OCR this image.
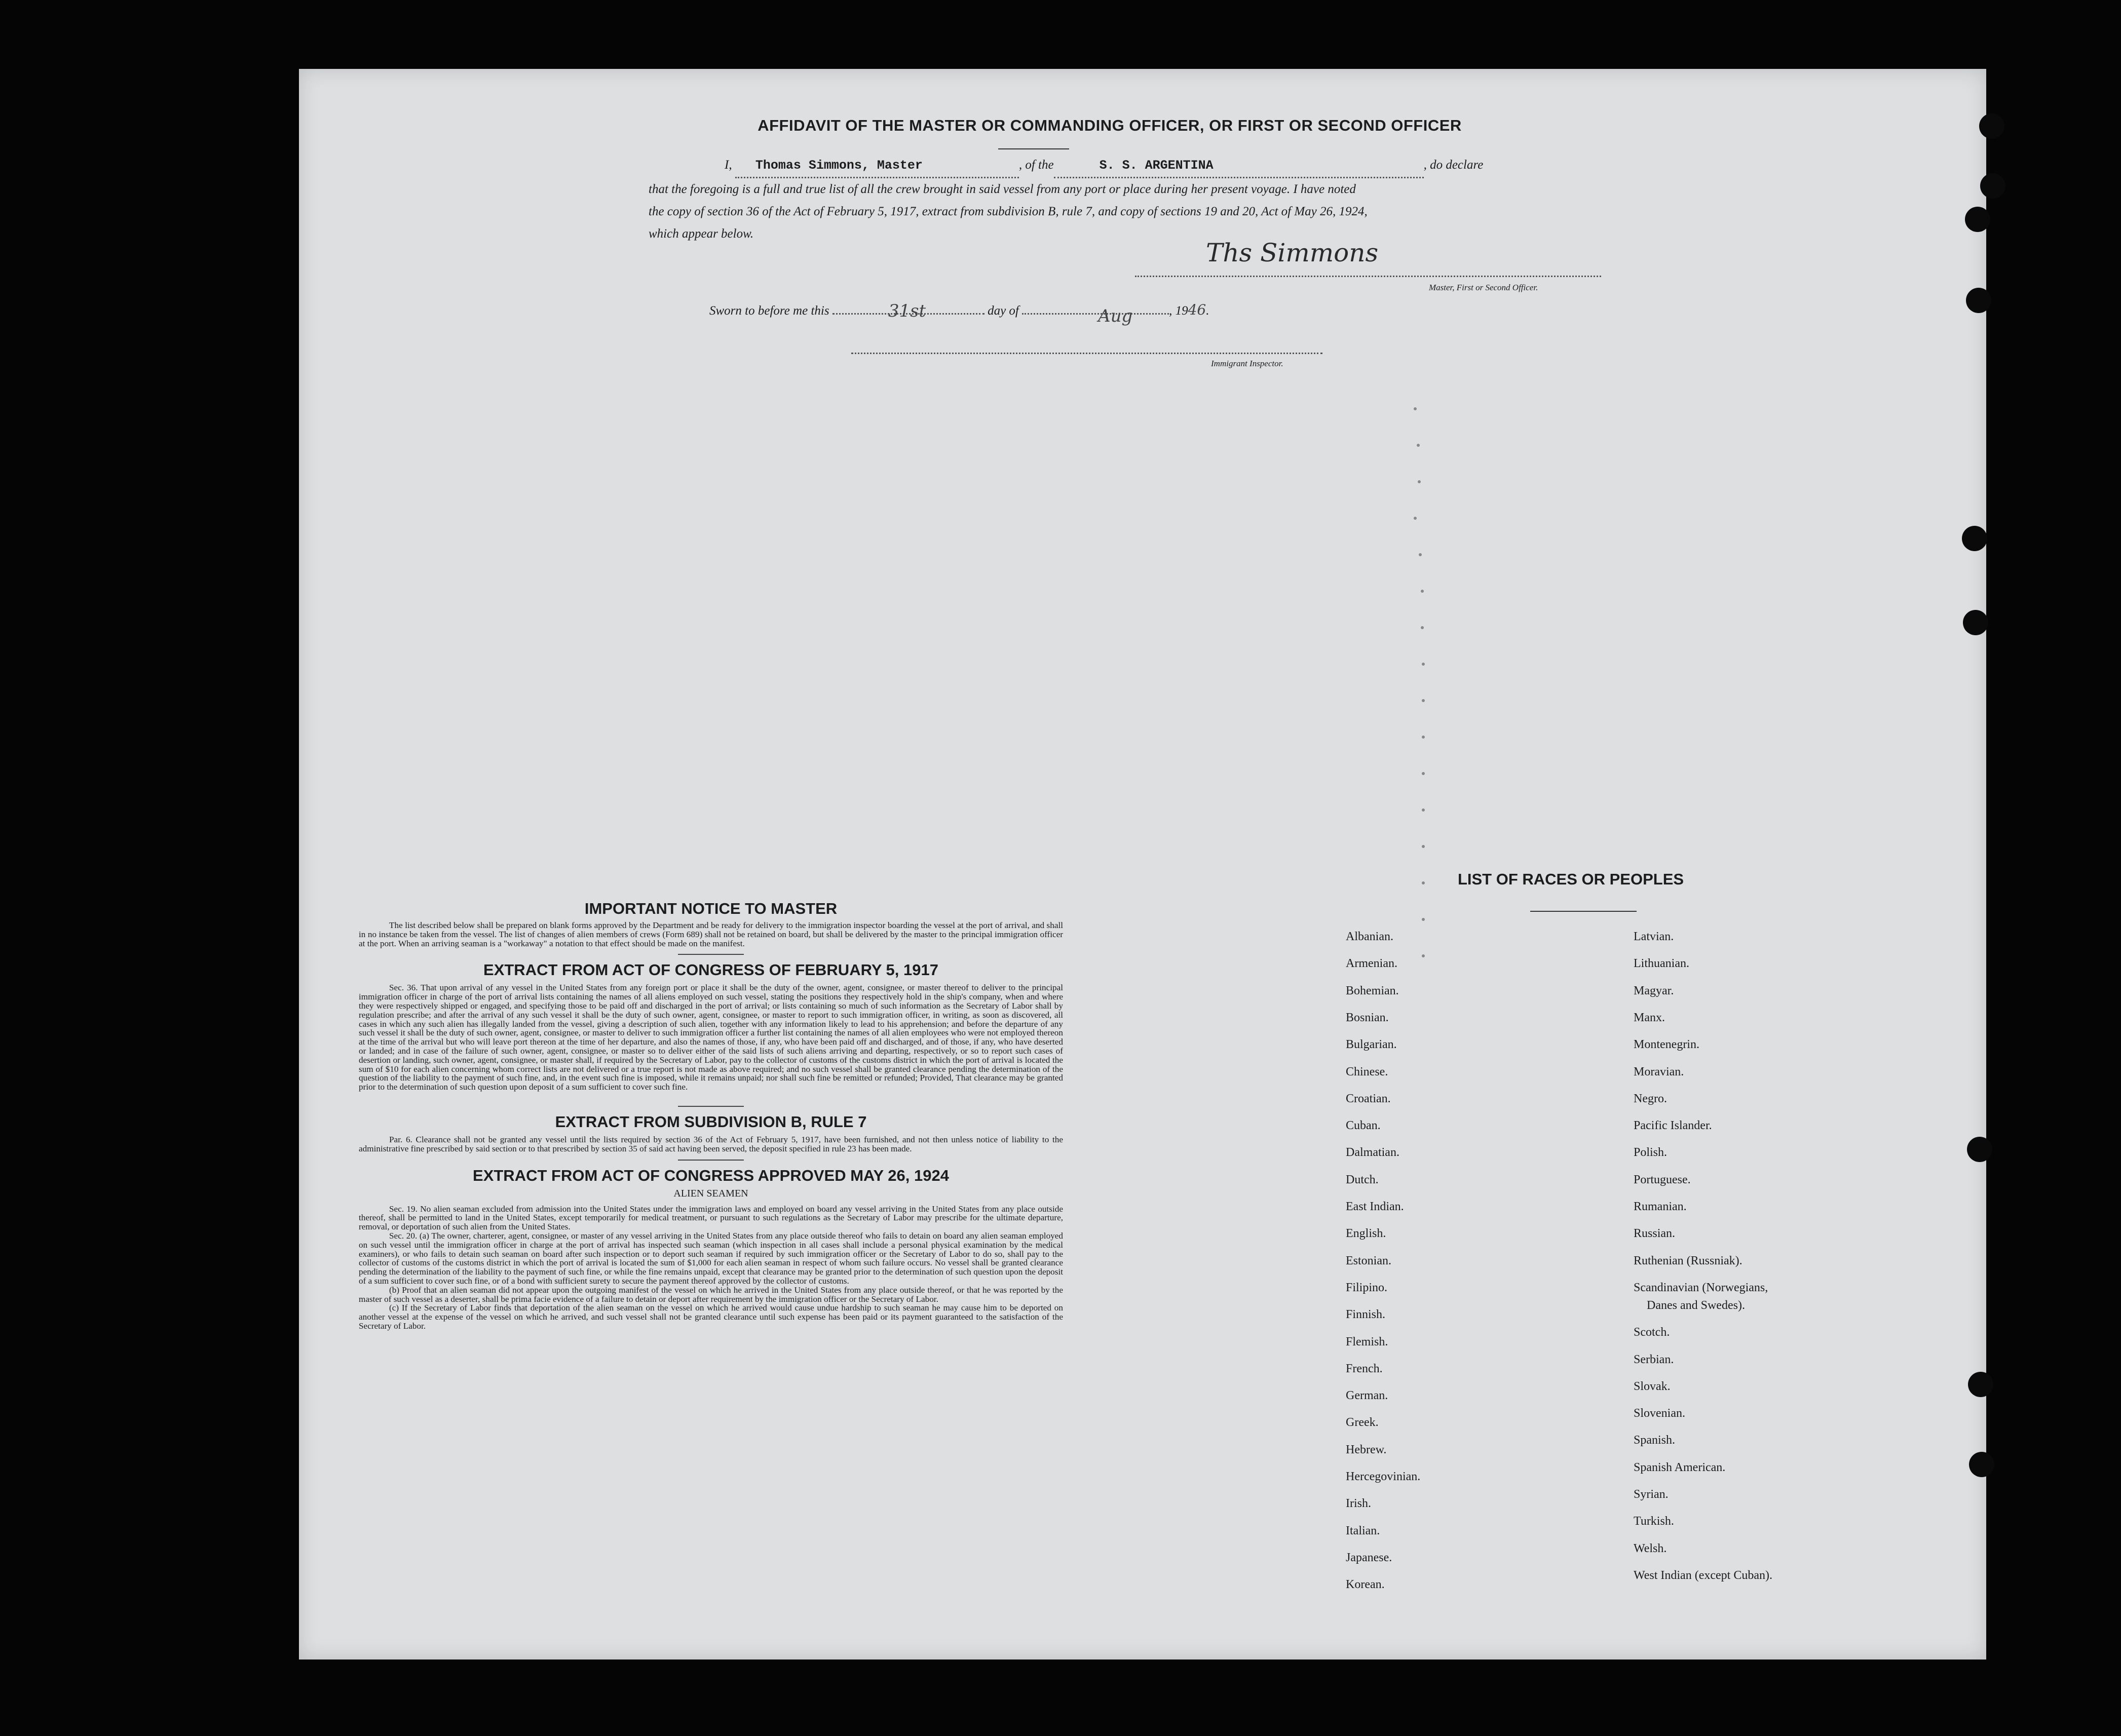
AFFIDAVIT OF THE MASTER OR COMMANDING OFFICER, OR FIRST OR SECOND OFFICER
I, Thomas Simmons, Master	, of the	S. S. ARGENTINA	, do declare
that the foregoing is a full and true list of all the crew brought in said vessel from any port or place during her present voyage. I have noted
the copy of section 36 of the Act of February 5, 1917, extract from subdivision B, rule 7, and copy of sections 19 and 20, Act of May 26, 1924,
which appear below.
Ths Simmons
Master, First or Second Officer.
Sworn to before me this	31st	day of	Aug	, 1946.
Immigrant Inspector.
IMPORTANT NOTICE TO MASTER
The list described below shall be prepared on blank forms approved by the Department and be ready for delivery to the immigration inspector boarding the vessel at the port of arrival, and shall in no instance be taken from the vessel. The list of changes of alien members of crews (Form 689) shall not be retained on board, but shall be delivered by the master to the principal immigration officer at the port. When an arriving seaman is a "workaway" a notation to that effect should be made on the manifest.
EXTRACT FROM ACT OF CONGRESS OF FEBRUARY 5, 1917
Sec. 36. That upon arrival of any vessel in the United States from any foreign port or place it shall be the duty of the owner, agent, consignee, or master thereof to deliver to the principal immigration officer in charge of the port of arrival lists containing the names of all aliens employed on such vessel, stating the positions they respectively hold in the ship's company, when and where they were respectively shipped or engaged, and specifying those to be paid off and discharged in the port of arrival; or lists containing so much of such information as the Secretary of Labor shall by regulation prescribe; and after the arrival of any such vessel it shall be the duty of such owner, agent, consignee, or master to report to such immigration officer, in writing, as soon as discovered, all cases in which any such alien has illegally landed from the vessel, giving a description of such alien, together with any information likely to lead to his apprehension; and before the departure of any such vessel it shall be the duty of such owner, agent, consignee, or master to deliver to such immigration officer a further list containing the names of all alien employees who were not employed thereon at the time of the arrival but who will leave port thereon at the time of her departure, and also the names of those, if any, who have been paid off and discharged, and of those, if any, who have deserted or landed; and in case of the failure of such owner, agent, consignee, or master so to deliver either of the said lists of such aliens arriving and departing, respectively, or so to report such cases of desertion or landing, such owner, agent, consignee, or master shall, if required by the Secretary of Labor, pay to the collector of customs of the customs district in which the port of arrival is located the sum of $10 for each alien concerning whom correct lists are not delivered or a true report is not made as above required; and no such vessel shall be granted clearance pending the determination of the question of the liability to the payment of such fine, and, in the event such fine is imposed, while it remains unpaid; nor shall such fine be remitted or refunded; Provided, That clearance may be granted prior to the determination of such question upon deposit of a sum sufficient to cover such fine.
EXTRACT FROM SUBDIVISION B, RULE 7
Par. 6. Clearance shall not be granted any vessel until the lists required by section 36 of the Act of February 5, 1917, have been furnished, and not then unless notice of liability to the administrative fine prescribed by said section or to that prescribed by section 35 of said act having been served, the deposit specified in rule 23 has been made.
EXTRACT FROM ACT OF CONGRESS APPROVED MAY 26, 1924
ALIEN SEAMEN

Sec. 19. No alien seaman excluded from admission into the United States under the immigration laws and employed on board any vessel arriving in the United States from any place outside thereof, shall be permitted to land in the United States, except temporarily for medical treatment, or pursuant to such regulations as the Secretary of Labor may prescribe for the ultimate departure, removal, or deportation of such alien from the United States.

Sec. 20. (a) The owner, charterer, agent, consignee, or master of any vessel arriving in the United States from any place outside thereof who fails to detain on board any alien seaman employed on such vessel until the immigration officer in charge at the port of arrival has inspected such seaman (which inspection in all cases shall include a personal physical examination by the medical examiners), or who fails to detain such seaman on board after such inspection or to deport such seaman if required by such immigration officer or the Secretary of Labor to do so, shall pay to the collector of customs of the customs district in which the port of arrival is located the sum of $1,000 for each alien seaman in respect of whom such failure occurs. No vessel shall be granted clearance pending the determination of the liability to the payment of such fine, or while the fine remains unpaid, except that clearance may be granted prior to the determination of such question upon the deposit of a sum sufficient to cover such fine, or of a bond with sufficient surety to secure the payment thereof approved by the collector of customs.

(b) Proof that an alien seaman did not appear upon the outgoing manifest of the vessel on which he arrived in the United States from any place outside thereof, or that he was reported by the master of such vessel as a deserter, shall be prima facie evidence of a failure to detain or deport after requirement by the immigration officer or the Secretary of Labor.

(c) If the Secretary of Labor finds that deportation of the alien seaman on the vessel on which he arrived would cause undue hardship to such seaman he may cause him to be deported on another vessel at the expense of the vessel on which he arrived, and such vessel shall not be granted clearance until such expense has been paid or its payment guaranteed to the satisfaction of the Secretary of Labor.

LIST OF RACES OR PEOPLES
Albanian.
Armenian.
Bohemian.
Bosnian.
Bulgarian.
Chinese.
Croatian.
Cuban.
Dalmatian.
Dutch.
East Indian.
English.
Estonian.
Filipino.
Finnish.
Flemish.
French.
German.
Greek.
Hebrew.
Hercegovinian.
Irish.
Italian.
Japanese.
Korean.
Latvian.
Lithuanian.
Magyar.
Manx.
Montenegrin.
Moravian.
Negro.
Pacific Islander.
Polish.
Portuguese.
Rumanian.
Russian.
Ruthenian (Russniak).
Scandinavian (Norwegians,
Danes and Swedes).
Scotch.
Serbian.
Slovak.
Slovenian.
Spanish.
Spanish American.
Syrian.
Turkish.
Welsh.
West Indian (except Cuban).
